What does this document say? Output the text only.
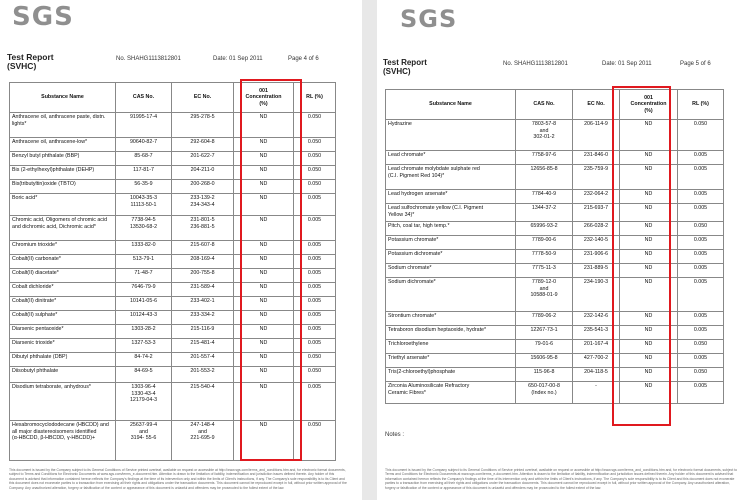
SGS
Test Report
(SVHC)
No. SHAHG1113812801	Date: 01 Sep 2011	Page 4 of 6
Substance Name	CAS No.	EC No.	001
Concentration
(%)	RL (%)
Anthracene oil, anthracene paste, distn.
lights*	91995-17-4	295-278-5	ND	0.050
Anthracene oil, anthracene-low*	90640-82-7	292-604-8	ND	0.050
Benzyl butyl phthalate (BBP)	85-68-7	201-622-7	ND	0.050
Bis (2-ethylhexyl)phthalate (DEHP)	117-81-7	204-211-0	ND	0.050
Bis(tributyltin)oxide (TBTO)	56-35-9	200-268-0	ND	0.050
Boric acid*	10043-35-3
11113-50-1	233-139-2
234-343-4	ND	0.005
Chromic acid, Oligomers of chromic acid
and dichromic acid, Dichromic acid*	7738-94-5
13530-68-2	231-801-5
236-881-5	ND	0.005
Chromium trioxide*	1333-82-0	215-607-8	ND	0.005
Cobalt(II) carbonate*	513-79-1	208-169-4	ND	0.005
Cobalt(II) diacetate*	71-48-7	200-755-8	ND	0.005
Cobalt dichloride*	7646-79-9	231-589-4	ND	0.005
Cobalt(II) dinitrate*	10141-05-6	233-402-1	ND	0.005
Cobalt(II) sulphate*	10124-43-3	233-334-2	ND	0.005
Diarsenic pentaoxide*	1303-28-2	215-116-9	ND	0.005
Diarsenic trioxide*	1327-53-3	215-481-4	ND	0.005
Dibutyl phthalate (DBP)	84-74-2	201-557-4	ND	0.050
Diisobutyl phthalate	84-69-5	201-553-2	ND	0.050
Disodium tetraborate, anhydrous*	1303-96-4
1330-43-4
12179-04-3	215-540-4	ND	0.005
Hexabromocyclododecane (HBCDD) and
all major diastereoisomers identified
(α-HBCDD, β-HBCDD, γ-HBCDD)+	25637-99-4
and
3194- 55-6	247-148-4
and
221-695-9	ND	0.050
This document is issued by the Company subject to its General Conditions of Service printed overleaf, available on request or accessible at http://www.sgs.com/terms_and_conditions.htm and, for electronic format documents, subject to Terms and Conditions for Electronic Documents at www.sgs.com/terms_e-document.htm. Attention is drawn to the limitation of liability, indemnification and jurisdiction issues defined therein. Any holder of this document is advised that information contained hereon reflects the Company's findings at the time of its intervention only and within the limits of Client's instructions, if any. The Company's sole responsibility is to its Client and this document does not exonerate parties to a transaction from exercising all their rights and obligations under the transaction documents. This document cannot be reproduced except in full, without prior written approval of the Company. Any unauthorized alteration, forgery or falsification of the content or appearance of this document is unlawful and offenders may be prosecuted to the fullest extent of the law.
SGS
Test Report
(SVHC)
No. SHAHG1113812801	Date: 01 Sep 2011	Page 5 of 6
Substance Name	CAS No.	EC No.	001
Concentration
(%)	RL (%)
Hydrazine	7803-57-8
and
302-01-2	206-114-9	ND	0.050
Lead chromate*	7758-97-6	231-846-0	ND	0.005
Lead chromate molybdate sulphate red
(C.I. Pigment Red 104)*	12656-85-8	235-759-9	ND	0.005
Lead hydrogen arsenate*	7784-40-9	232-064-2	ND	0.005
Lead sulfochromate yellow (C.I. Pigment
Yellow 34)*	1344-37-2	215-693-7	ND	0.005
Pitch, coal tar, high temp.*	65996-93-2	266-028-2	ND	0.050
Potassium chromate*	7789-00-6	232-140-5	ND	0.005
Potassium dichromate*	7778-50-9	231-906-6	ND	0.005
Sodium chromate*	7775-11-3	231-889-5	ND	0.005
Sodium dichromate*	7789-12-0
and
10588-01-9	234-190-3	ND	0.005
Strontium chromate*	7789-06-2	232-142-6	ND	0.005
Tetraboron disodium heptaoxide, hydrate*	12267-73-1	235-541-3	ND	0.005
Trichloroethylene	79-01-6	201-167-4	ND	0.050
Triethyl arsenate*	15606-95-8	427-700-2	ND	0.005
Tris(2-chloroethyl)phosphate	115-96-8	204-118-5	ND	0.050
Zirconia Aluminosilicate Refractory
Ceramic Fibres*	650-017-00-8
(Index no.)	-	ND	0.005
Notes :
This document is issued by the Company subject to its General Conditions of Service printed overleaf, available on request or accessible at http://www.sgs.com/terms_and_conditions.htm and, for electronic format documents, subject to Terms and Conditions for Electronic Documents at www.sgs.com/terms_e-document.htm. Attention is drawn to the limitation of liability, indemnification and jurisdiction issues defined therein. Any holder of this document is advised that information contained hereon reflects the Company's findings at the time of its intervention only and within the limits of Client's instructions, if any. The Company's sole responsibility is to its Client and this document does not exonerate parties to a transaction from exercising all their rights and obligations under the transaction documents. This document cannot be reproduced except in full, without prior written approval of the Company. Any unauthorized alteration, forgery or falsification of the content or appearance of this document is unlawful and offenders may be prosecuted to the fullest extent of the law.
